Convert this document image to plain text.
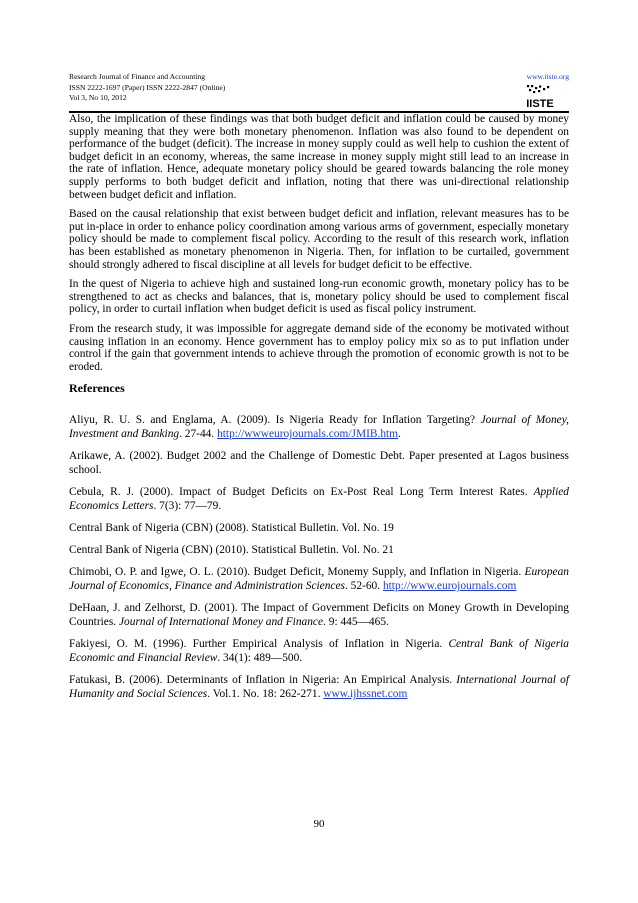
Research Journal of Finance and Accounting
ISSN 2222-1697 (Paper) ISSN 2222-2847 (Online)
Vol 3, No 10, 2012
www.iiste.org
IISTE

Also, the implication of these findings was that both budget deficit and inflation could be caused by money supply meaning that they were both monetary phenomenon. Inflation was also found to be dependent on performance of the budget (deficit). The increase in money supply could as well help to cushion the extent of budget deficit in an economy, whereas, the same increase in money supply might still lead to an increase in the rate of inflation. Hence, adequate monetary policy should be geared towards balancing the role money supply performs to both budget deficit and inflation, noting that there was uni-directional relationship between budget deficit and inflation.

Based on the causal relationship that exist between budget deficit and inflation, relevant measures has to be put in-place in order to enhance policy coordination among various arms of government, especially monetary policy should be made to complement fiscal policy. According to the result of this research work, inflation has been established as monetary phenomenon in Nigeria. Then, for inflation to be curtailed, government should strongly adhered to fiscal discipline at all levels for budget deficit to be effective.

In the quest of Nigeria to achieve high and sustained long-run economic growth, monetary policy has to be strengthened to act as checks and balances, that is, monetary policy should be used to complement fiscal policy, in order to curtail inflation when budget deficit is used as fiscal policy instrument.

From the research study, it was impossible for aggregate demand side of the economy be motivated without causing inflation in an economy. Hence government has to employ policy mix so as to put inflation under control if the gain that government intends to achieve through the promotion of economic growth is not to be eroded.

References
Aliyu, R. U. S. and Englama, A. (2009). Is Nigeria Ready for Inflation Targeting? Journal of Money, Investment and Banking. 27-44. http://wwweurojournals.com/JMIB.htm.
Arikawe, A. (2002). Budget 2002 and the Challenge of Domestic Debt. Paper presented at Lagos business school.
Cebula, R. J. (2000). Impact of Budget Deficits on Ex-Post Real Long Term Interest Rates. Applied Economics Letters. 7(3): 77—79.
Central Bank of Nigeria (CBN) (2008). Statistical Bulletin. Vol. No. 19
Central Bank of Nigeria (CBN) (2010). Statistical Bulletin. Vol. No. 21
Chimobi, O. P. and Igwe, O. L. (2010). Budget Deficit, Monemy Supply, and Inflation in Nigeria. European Journal of Economics, Finance and Administration Sciences. 52-60. http://www.eurojournals.com
DeHaan, J. and Zelhorst, D. (2001). The Impact of Government Deficits on Money Growth in Developing Countries. Journal of International Money and Finance. 9: 445—465.
Fakiyesi, O. M. (1996). Further Empirical Analysis of Inflation in Nigeria. Central Bank of Nigeria Economic and Financial Review. 34(1): 489—500.
Fatukasi, B. (2006). Determinants of Inflation in Nigeria: An Empirical Analysis. International Journal of Humanity and Social Sciences. Vol.1. No. 18: 262-271. www.ijhssnet.com
90
